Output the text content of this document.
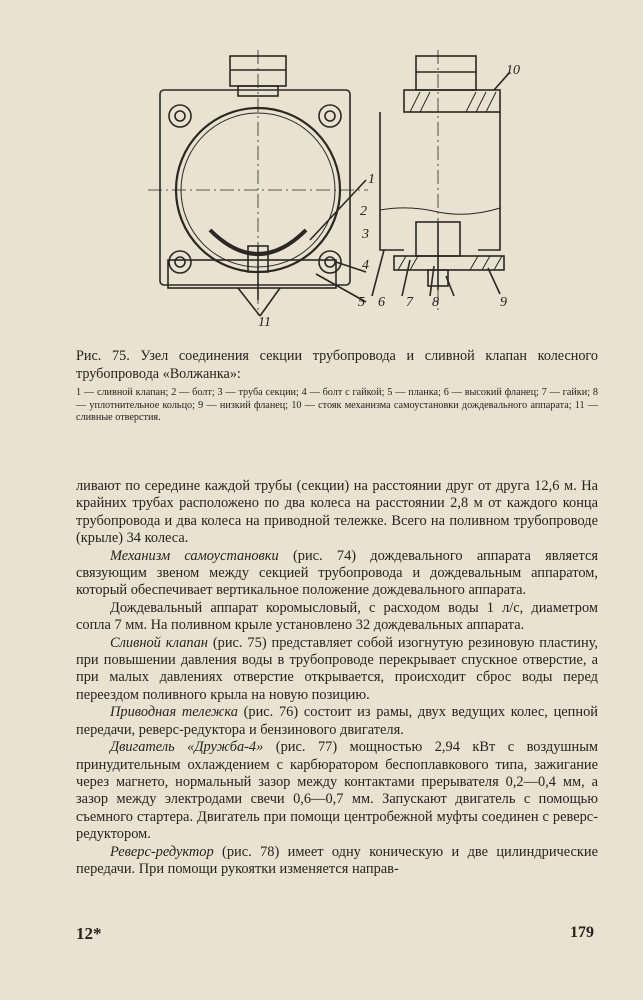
1
2
3
4
5 6 7 8	9
10
11

Рис. 75. Узел соединения секции трубопровода и сливной клапан колесного трубопровода «Волжанка»:

1 — сливной клапан; 2 — болт; 3 — труба секции; 4 — болт с гайкой; 5 — планка; 6 — высокий фланец; 7 — гайки; 8 — уплотнительное кольцо; 9 — низкий фланец; 10 — стояк механизма самоустановки дождевального аппарата; 11 — сливные отверстия.

ливают по середине каждой трубы (секции) на расстоянии друг от друга 12,6 м. На крайних трубах расположено по два колеса на расстоянии 2,8 м от каждого конца трубопровода и два колеса на приводной тележке. Всего на поливном трубопроводе (крыле) 34 колеса.

Механизм самоустановки (рис. 74) дождевального аппарата является связующим звеном между секцией трубопровода и дождевальным аппаратом, который обеспечивает вертикальное положение дождевального аппарата.

Дождевальный аппарат коромысловый, с расходом воды 1 л/с, диаметром сопла 7 мм. На поливном крыле установлено 32 дождевальных аппарата.

Сливной клапан (рис. 75) представляет собой изогнутую резиновую пластину, при повышении давления воды в трубопроводе перекрывает спускное отверстие, а при малых давлениях отверстие открывается, происходит сброс воды перед переездом поливного крыла на новую позицию.

Приводная тележка (рис. 76) состоит из рамы, двух ведущих колес, цепной передачи, реверс-редуктора и бензинового двигателя.

Двигатель «Дружба-4» (рис. 77) мощностью 2,94 кВт с воздушным принудительным охлаждением с карбюратором беспоплавкового типа, зажигание через магнето, нормальный зазор между контактами прерывателя 0,2—0,4 мм, а зазор между электродами свечи 0,6—0,7 мм. Запускают двигатель с помощью съемного стартера. Двигатель при помощи центробежной муфты соединен с реверс-редуктором.

Реверс-редуктор (рис. 78) имеет одну коническую и две цилиндрические передачи. При помощи рукоятки изменяется направ-

12*	179
